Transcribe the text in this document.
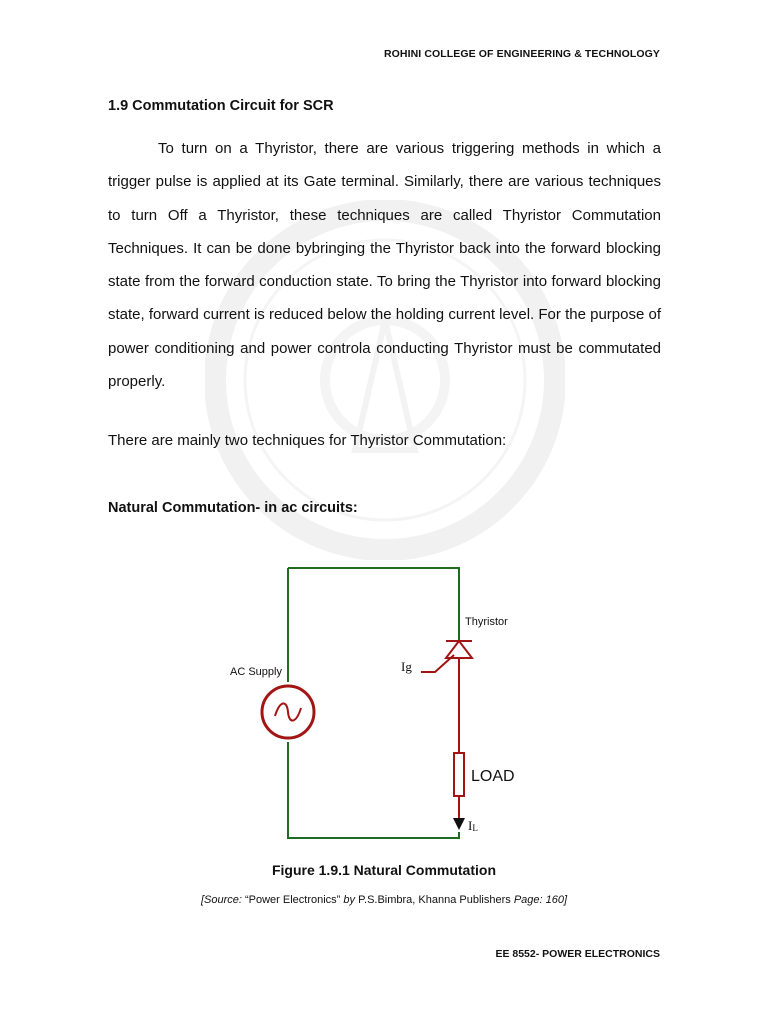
ROHINI COLLEGE OF ENGINEERING & TECHNOLOGY
1.9 Commutation Circuit for SCR

To turn on a Thyristor, there are various triggering methods in which a trigger pulse is applied at its Gate terminal. Similarly, there are various techniques to turn Off a Thyristor, these techniques are called Thyristor Commutation Techniques. It can be done bybringing the Thyristor back into the forward blocking state from the forward conduction state. To bring the Thyristor into forward blocking state, forward current is reduced below the holding current level. For the purpose of power conditioning and power controla conducting Thyristor must be commutated properly.

There are mainly two techniques for Thyristor Commutation:
Natural Commutation- in ac circuits:
Thyristor
AC Supply	Ig
LOAD
IL
Figure 1.9.1 Natural Commutation
[Source: “Power Electronics” by P.S.Bimbra, Khanna Publishers Page: 160]
EE 8552- POWER ELECTRONICS
